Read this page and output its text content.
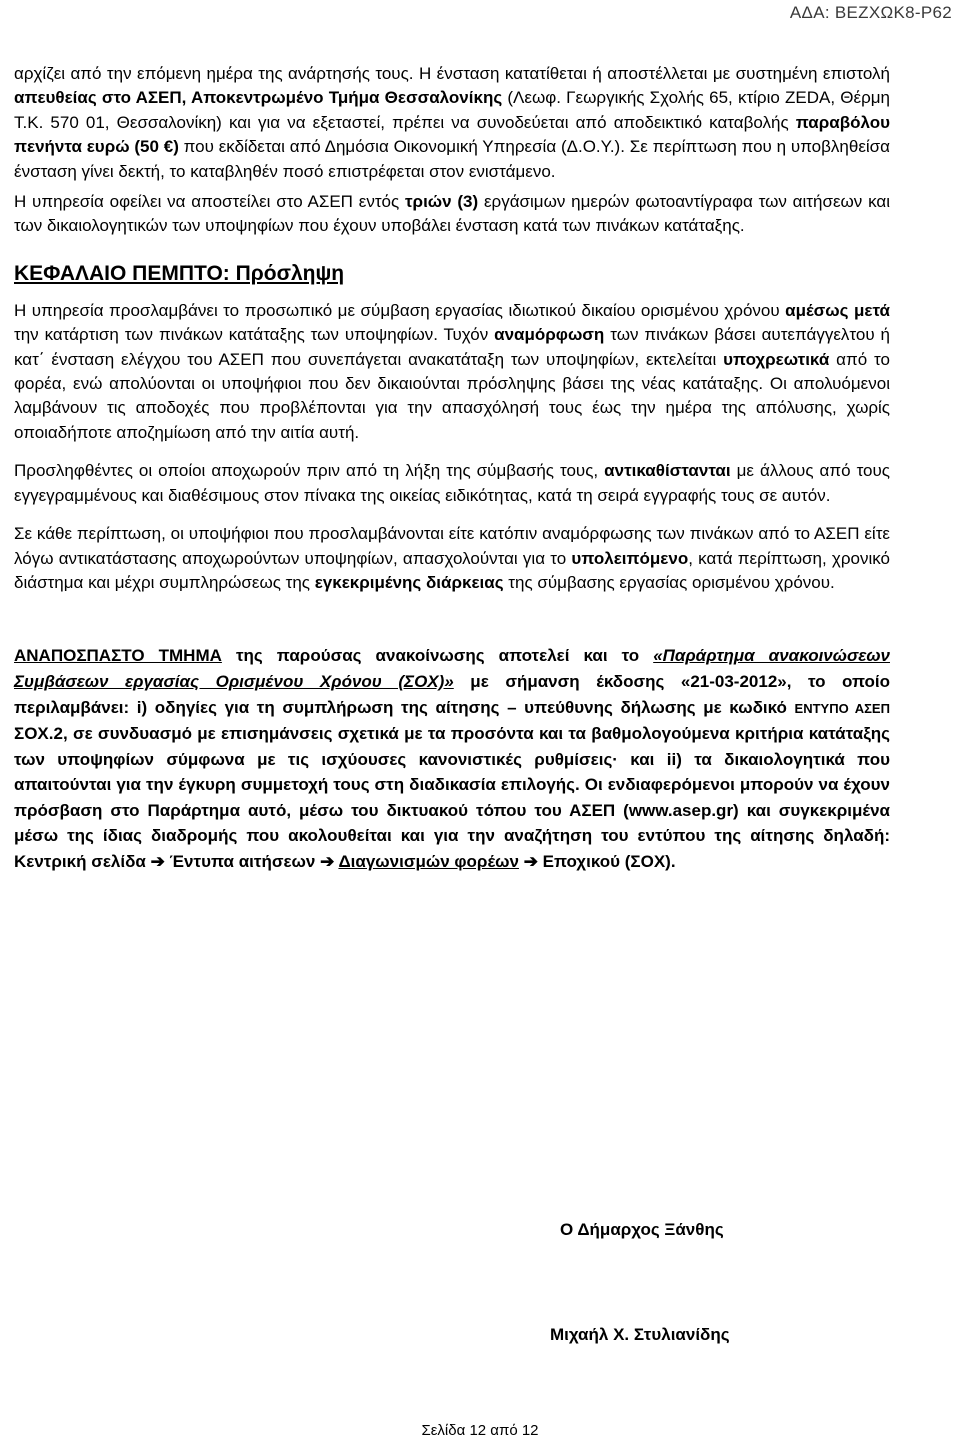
ΑΔΑ: ΒΕΖΧΩΚ8-Ρ62

αρχίζει από την επόμενη ημέρα της ανάρτησής τους. Η ένσταση κατατίθεται ή αποστέλλεται με συστημένη επιστολή απευθείας στο ΑΣΕΠ, Αποκεντρωμένο Τμήμα Θεσσαλονίκης (Λεωφ. Γεωργικής Σχολής 65, κτίριο ΖΕDΑ, Θέρμη Τ.Κ. 570 01, Θεσσαλονίκη) και για να εξεταστεί, πρέπει να συνοδεύεται από αποδεικτικό καταβολής παραβόλου πενήντα ευρώ (50 €) που εκδίδεται από Δημόσια Οικονομική Υπηρεσία (Δ.Ο.Υ.). Σε περίπτωση που η υποβληθείσα ένσταση γίνει δεκτή, το καταβληθέν ποσό επιστρέφεται στον ενιστάμενο.

Η υπηρεσία οφείλει να αποστείλει στο ΑΣΕΠ εντός τριών (3) εργάσιμων ημερών φωτοαντίγραφα των αιτήσεων και των δικαιολογητικών των υποψηφίων που έχουν υποβάλει ένσταση κατά των πινάκων κατάταξης.

ΚΕΦΑΛΑΙΟ ΠΕΜΠΤΟ: Πρόσληψη

Η υπηρεσία προσλαμβάνει το προσωπικό με σύμβαση εργασίας ιδιωτικού δικαίου ορισμένου χρόνου αμέσως μετά την κατάρτιση των πινάκων κατάταξης των υποψηφίων. Τυχόν αναμόρφωση των πινάκων βάσει αυτεπάγγελτου ή κατ΄ ένσταση ελέγχου του ΑΣΕΠ που συνεπάγεται ανακατάταξη των υποψηφίων, εκτελείται υποχρεωτικά από το φορέα, ενώ απολύονται οι υποψήφιοι που δεν δικαιούνται πρόσληψης βάσει της νέας κατάταξης. Οι απολυόμενοι λαμβάνουν τις αποδοχές που προβλέπονται για την απασχόλησή τους έως την ημέρα της απόλυσης, χωρίς οποιαδήποτε αποζημίωση από την αιτία αυτή.

Προσληφθέντες οι οποίοι αποχωρούν πριν από τη λήξη της σύμβασής τους, αντικαθίστανται με άλλους από τους εγγεγραμμένους και διαθέσιμους στον πίνακα της οικείας ειδικότητας, κατά τη σειρά εγγραφής τους σε αυτόν.

Σε κάθε περίπτωση, οι υποψήφιοι που προσλαμβάνονται είτε κατόπιν αναμόρφωσης των πινάκων από το ΑΣΕΠ είτε λόγω αντικατάστασης αποχωρούντων υποψηφίων, απασχολούνται για το υπολειπόμενο, κατά περίπτωση, χρονικό διάστημα και μέχρι συμπληρώσεως της εγκεκριμένης διάρκειας της σύμβασης εργασίας ορισμένου χρόνου.

ΑΝΑΠΟΣΠΑΣΤΟ ΤΜΗΜΑ της παρούσας ανακοίνωσης αποτελεί και το «Παράρτημα ανακοινώσεων Συμβάσεων εργασίας Ορισμένου Χρόνου (ΣΟΧ)» με σήμανση έκδοσης «21-03-2012», το οποίο περιλαμβάνει: i) οδηγίες για τη συμπλήρωση της αίτησης – υπεύθυνης δήλωσης με κωδικό ΕΝΤΥΠΟ ΑΣΕΠ ΣΟΧ.2, σε συνδυασμό με επισημάνσεις σχετικά με τα προσόντα και τα βαθμολογούμενα κριτήρια κατάταξης των υποψηφίων σύμφωνα με τις ισχύουσες κανονιστικές ρυθμίσεις· και ii) τα δικαιολογητικά που απαιτούνται για την έγκυρη συμμετοχή τους στη διαδικασία επιλογής. Οι ενδιαφερόμενοι μπορούν να έχουν πρόσβαση στο Παράρτημα αυτό, μέσω του δικτυακού τόπου του ΑΣΕΠ (www.asep.gr) και συγκεκριμένα μέσω της ίδιας διαδρομής που ακολουθείται και για την αναζήτηση του εντύπου της αίτησης δηλαδή: Κεντρική σελίδα ➔ Έντυπα αιτήσεων ➔ Διαγωνισμών φορέων ➔ Εποχικού (ΣΟΧ).
Ο Δήμαρχος Ξάνθης
Μιχαήλ Χ. Στυλιανίδης
Σελίδα 12 από 12
